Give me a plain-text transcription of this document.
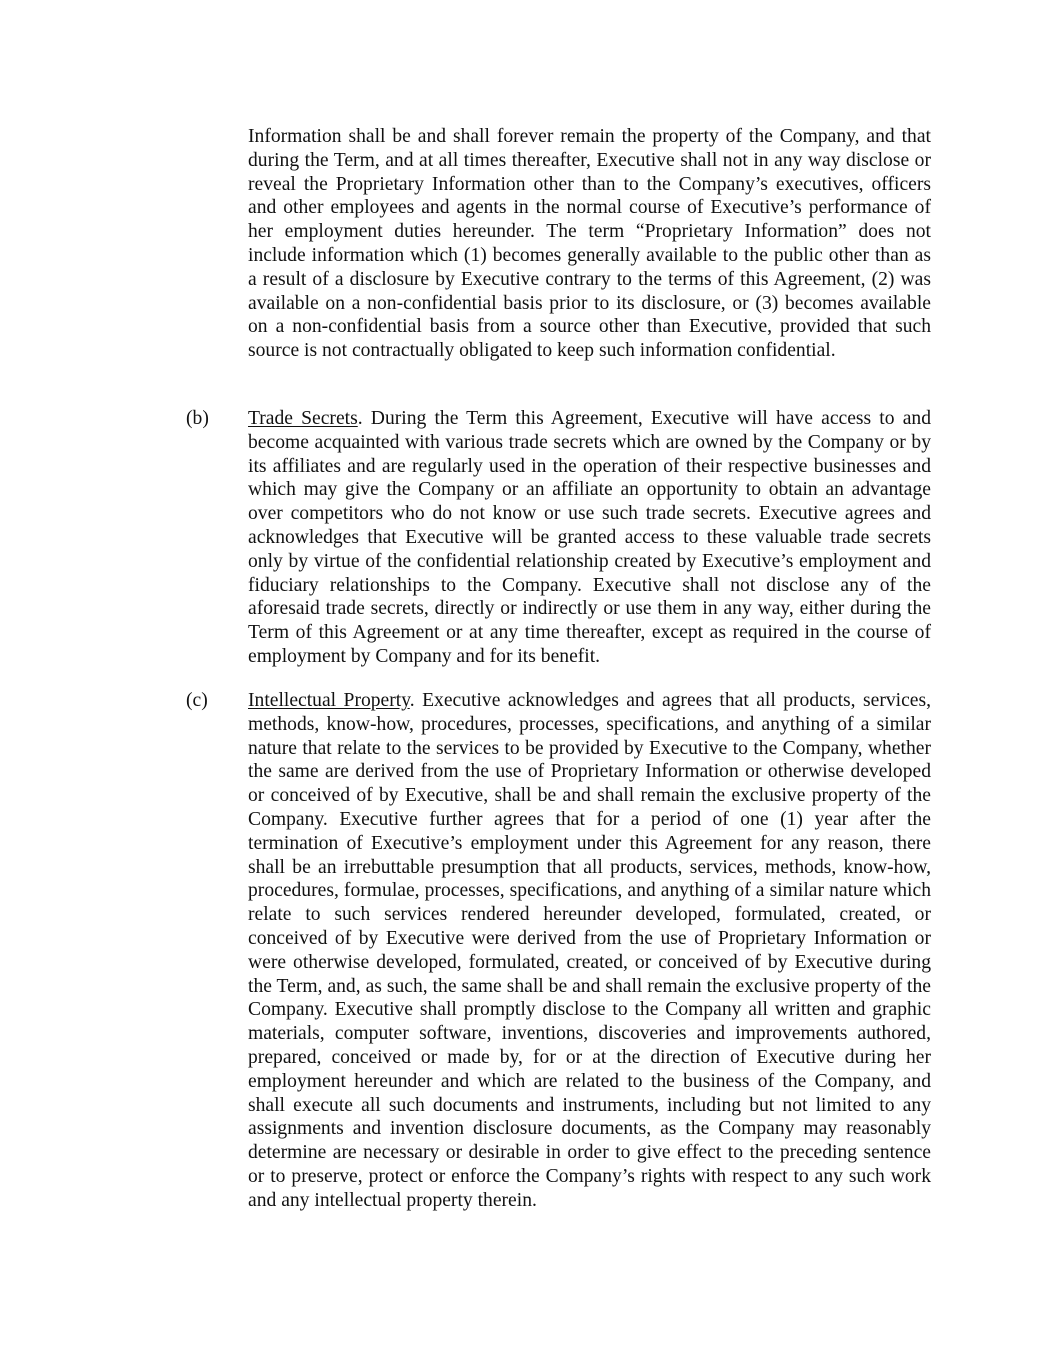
Information shall be and shall forever remain the property of the Company, and that during the Term, and at all times thereafter, Executive shall not in any way disclose or reveal the Proprietary Information other than to the Company’s executives, officers and other employees and agents in the normal course of Executive’s performance of her employment duties hereunder. The term “Proprietary Information” does not include information which (1) becomes generally available to the public other than as a result of a disclosure by Executive contrary to the terms of this Agreement, (2) was available on a non-confidential basis prior to its disclosure, or (3) becomes available on a non-confidential basis from a source other than Executive, provided that such source is not contractually obligated to keep such information confidential.
(b) Trade Secrets. During the Term this Agreement, Executive will have access to and become acquainted with various trade secrets which are owned by the Company or by its affiliates and are regularly used in the operation of their respective businesses and which may give the Company or an affiliate an opportunity to obtain an advantage over competitors who do not know or use such trade secrets. Executive agrees and acknowledges that Executive will be granted access to these valuable trade secrets only by virtue of the confidential relationship created by Executive’s employment and fiduciary relationships to the Company. Executive shall not disclose any of the aforesaid trade secrets, directly or indirectly or use them in any way, either during the Term of this Agreement or at any time thereafter, except as required in the course of employment by Company and for its benefit.
(c) Intellectual Property. Executive acknowledges and agrees that all products, services, methods, know-how, procedures, processes, specifications, and anything of a similar nature that relate to the services to be provided by Executive to the Company, whether the same are derived from the use of Proprietary Information or otherwise developed or conceived of by Executive, shall be and shall remain the exclusive property of the Company. Executive further agrees that for a period of one (1) year after the termination of Executive’s employment under this Agreement for any reason, there shall be an irrebuttable presumption that all products, services, methods, know-how, procedures, formulae, processes, specifications, and anything of a similar nature which relate to such services rendered hereunder developed, formulated, created, or conceived of by Executive were derived from the use of Proprietary Information or were otherwise developed, formulated, created, or conceived of by Executive during the Term, and, as such, the same shall be and shall remain the exclusive property of the Company. Executive shall promptly disclose to the Company all written and graphic materials, computer software, inventions, discoveries and improvements authored, prepared, conceived or made by, for or at the direction of Executive during her employment hereunder and which are related to the business of the Company, and shall execute all such documents and instruments, including but not limited to any assignments and invention disclosure documents, as the Company may reasonably determine are necessary or desirable in order to give effect to the preceding sentence or to preserve, protect or enforce the Company’s rights with respect to any such work and any intellectual property therein.
